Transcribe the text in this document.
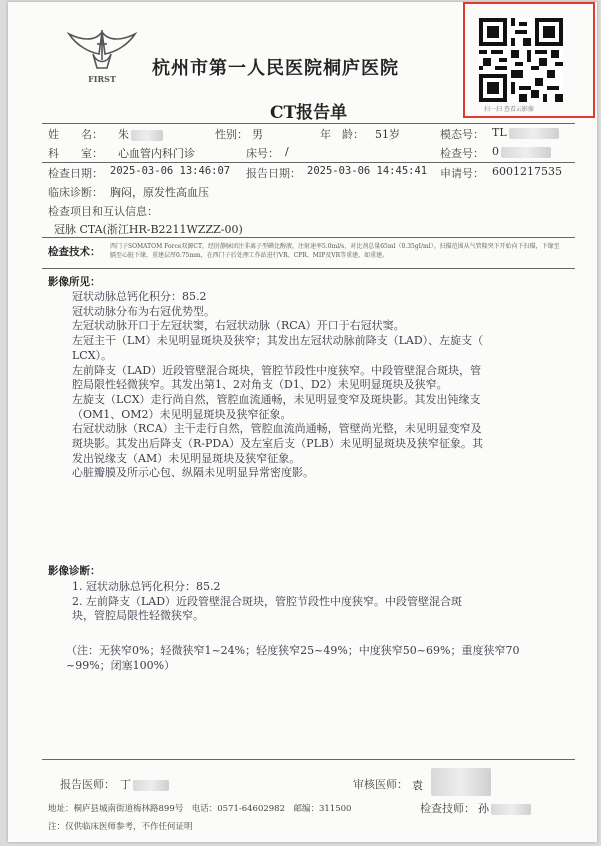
FIRST 杭州市第一人民医院桐庐医院
CT报告单	扫一扫 查看云影像
姓　　名： 朱	性别： 男	年　龄： 51岁	模态号： TL
科　　室： 心血管内科门诊	床号： /	检查号： 0
检查日期： 2025-03-06 13:46:07 报告日期： 2025-03-06 14:45:41 申请号： 6001217535
临床诊断： 胸闷，原发性高血压
检查项目和互认信息：
冠脉 CTA(浙江HR-B2211WZZZ-00)
检查技术： 西门子SOMATOM Force双源CT，经肘静脉团注非离子型碘比醇液，注射速率5.0ml/s，对比剂总量65ml（0.35gI/ml）。扫描范围从气管隆突下开始向下扫描，下缘至膈至心脏下缘，重建层厚0.75mm，在西门子后处理工作站进行VR、CPR、MIP及VR等重建，如重建。
影像所见：
冠状动脉总钙化积分：85.2
冠状动脉分布为右冠优势型。
左冠状动脉开口于左冠状窦，右冠状动脉（RCA）开口于右冠状窦。
左冠主干（LM）未见明显斑块及狭窄；其发出左冠状动脉前降支（LAD）、左旋支（
LCX）。
左前降支（LAD）近段管壁混合斑块，管腔节段性中度狭窄。中段管壁混合斑块，管
腔局限性轻微狭窄。其发出第1、2对角支（D1、D2）未见明显斑块及狭窄。
左旋支（LCX）走行尚自然，管腔血流通畅，未见明显变窄及斑块影。其发出钝缘支
（OM1、OM2）未见明显斑块及狭窄征象。
右冠状动脉（RCA）主干走行自然，管腔血流尚通畅，管壁尚光整，未见明显变窄及
斑块影。其发出后降支（R-PDA）及左室后支（PLB）未见明显斑块及狭窄征象。其
发出锐缘支（AM）未见明显斑块及狭窄征象。
心脏瓣膜及所示心包、纵隔未见明显异常密度影。
影像诊断：
1. 冠状动脉总钙化积分：85.2
2. 左前降支（LAD）近段管壁混合斑块，管腔节段性中度狭窄。中段管壁混合斑
块，管腔局限性轻微狭窄。
（注：无狭窄0%；轻微狭窄1~24%；轻度狭窄25~49%；中度狭窄50~69%；重度狭窄70
~99%；闭塞100%）
报告医师： 丁	审核医师： 袁
地址：桐庐县城南街道梅林路899号　电话：0571-64602982　邮编：311500	检查技师： 孙
注：仅供临床医师参考，不作任何证明
